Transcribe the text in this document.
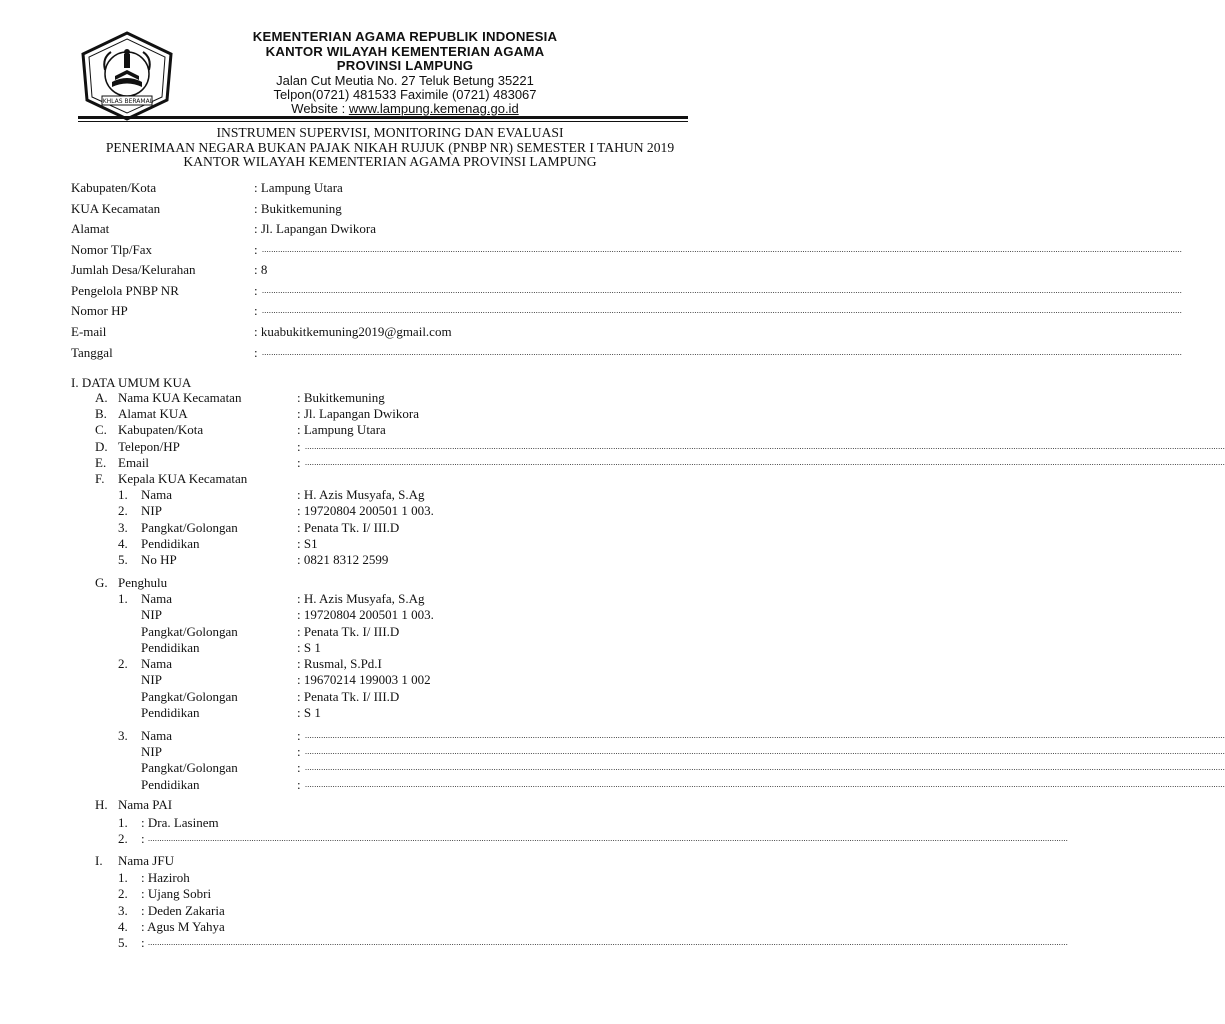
IKHLAS BERAMAL
KEMENTERIAN AGAMA REPUBLIK INDONESIA
KANTOR WILAYAH KEMENTERIAN AGAMA
PROVINSI LAMPUNG
Jalan Cut Meutia No. 27 Teluk Betung 35221
Telpon(0721) 481533 Faximile (0721) 483067
Website : www.lampung.kemenag.go.id
INSTRUMEN SUPERVISI, MONITORING DAN EVALUASI
PENERIMAAN NEGARA BUKAN PAJAK NIKAH RUJUK (PNBP NR) SEMESTER I TAHUN 2019
KANTOR WILAYAH KEMENTERIAN AGAMA PROVINSI LAMPUNG
Kabupaten/Kota	: Lampung Utara
KUA Kecamatan	: Bukitkemuning
Alamat	: Jl. Lapangan Dwikora
Nomor Tlp/Fax	: ................................................................................................................................................................................................................................................................................................................................................................................................................
Jumlah Desa/Kelurahan	: 8
Pengelola PNBP NR	: ................................................................................................................................................................................................................................................................................................................................................................................................................
Nomor HP	: ................................................................................................................................................................................................................................................................................................................................................................................................................
E-mail	: kuabukitkemuning2019@gmail.com
Tanggal	: ................................................................................................................................................................................................................................................................................................................................................................................................................
I. DATA UMUM KUA
A. Nama KUA Kecamatan	: Bukitkemuning
B. Alamat KUA	: Jl. Lapangan Dwikora
C. Kabupaten/Kota	: Lampung Utara
D. Telepon/HP	: ................................................................................................................................................................................................................................................................................................................................................................................................................
E. Email	: ................................................................................................................................................................................................................................................................................................................................................................................................................
F. Kepala KUA Kecamatan
1. Nama	: H. Azis Musyafa, S.Ag
2. NIP	: 19720804 200501 1 003.
3. Pangkat/Golongan	: Penata Tk. I/ III.D
4. Pendidikan	: S1
5. No HP	: 0821 8312 2599
G. Penghulu
1. Nama	: H. Azis Musyafa, S.Ag
NIP	: 19720804 200501 1 003.
Pangkat/Golongan	: Penata Tk. I/ III.D
Pendidikan	: S 1
2. Nama	: Rusmal, S.Pd.I
NIP	: 19670214 199003 1 002
Pangkat/Golongan	: Penata Tk. I/ III.D
Pendidikan	: S 1
3. Nama	: ................................................................................................................................................................................................................................................................................................................................................................................................................
NIP	: ................................................................................................................................................................................................................................................................................................................................................................................................................
Pangkat/Golongan	: ................................................................................................................................................................................................................................................................................................................................................................................................................
Pendidikan	: ................................................................................................................................................................................................................................................................................................................................................................................................................
H. Nama PAI
1. : Dra. Lasinem
2. : ................................................................................................................................................................................................................................................................................................................................................................................................................
I. Nama JFU
1. : Haziroh
2. : Ujang Sobri
3. : Deden Zakaria
4. : Agus M Yahya
5. : ................................................................................................................................................................................................................................................................................................................................................................................................................
